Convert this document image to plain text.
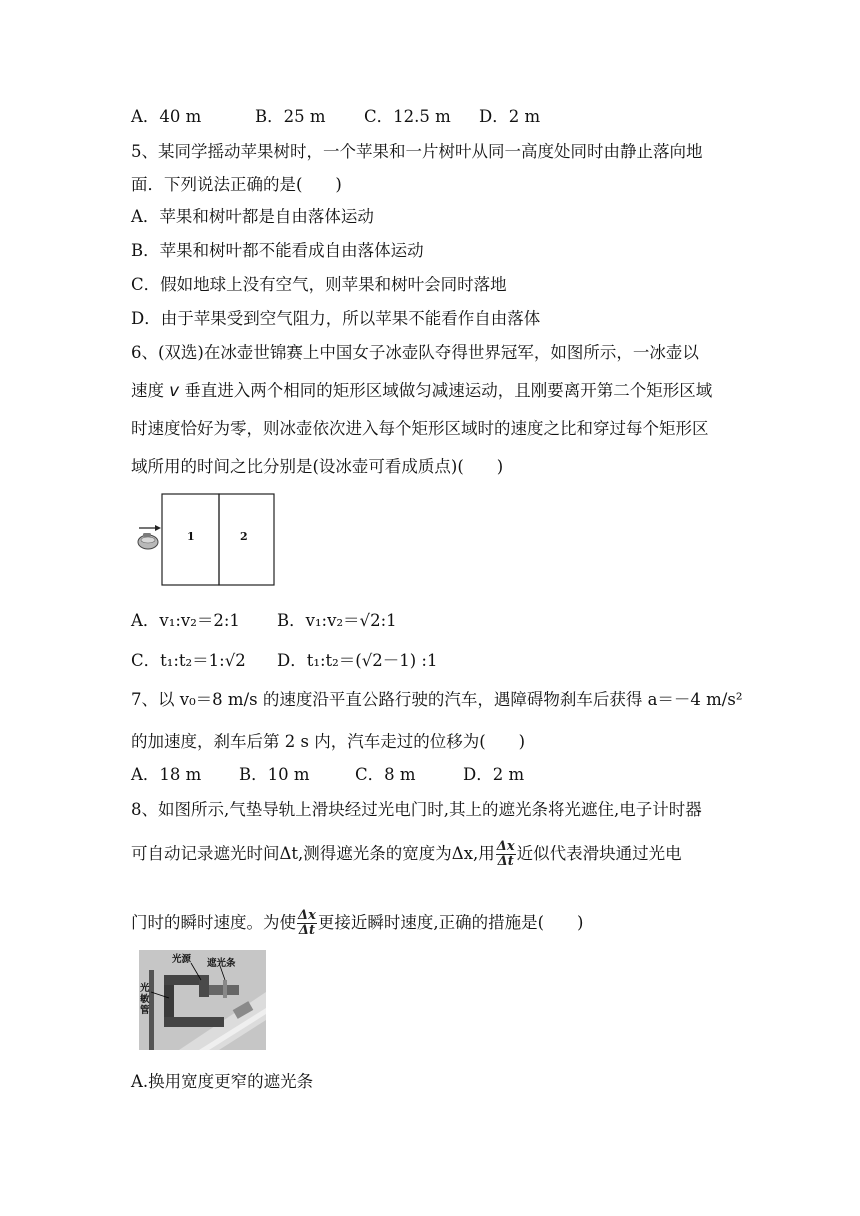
A．40 m	B．25 m C．12.5 m D．2 m
5、某同学摇动苹果树时，一个苹果和一片树叶从同一高度处同时由静止落向地
面．下列说法正确的是(　　)
A．苹果和树叶都是自由落体运动
B．苹果和树叶都不能看成自由落体运动
C．假如地球上没有空气，则苹果和树叶会同时落地
D．由于苹果受到空气阻力，所以苹果不能看作自由落体
6、(双选)在冰壶世锦赛上中国女子冰壶队夺得世界冠军，如图所示，一冰壶以
速度 v 垂直进入两个相同的矩形区域做匀减速运动，且刚要离开第二个矩形区域
时速度恰好为零，则冰壶依次进入每个矩形区域时的速度之比和穿过每个矩形区
域所用的时间之比分别是(设冰壶可看成质点)(　　)
1	2
A．v₁:v₂＝2:1 B．v₁:v₂＝√2:1
C．t₁:t₂＝1:√2 D．t₁:t₂＝(√2－1) :1
7、以 v₀＝8 m/s 的速度沿平直公路行驶的汽车，遇障碍物刹车后获得 a＝－4 m/s²
的加速度，刹车后第 2 s 内，汽车走过的位移为(　　)
A．18 m B．10 m	C．8 m	D．2 m
8、如图所示,气垫导轨上滑块经过光电门时,其上的遮光条将光遮住,电子计时器
可自动记录遮光时间Δt,测得遮光条的宽度为Δx,用 $\frac{\Delta x}{\Delta t}$ 近似代表滑块通过光电
门时的瞬时速度。为使 $\frac{\Delta x}{\Delta t}$ 更接近瞬时速度,正确的措施是(　　)
光源 遮光条
光敏管
A.换用宽度更窄的遮光条
